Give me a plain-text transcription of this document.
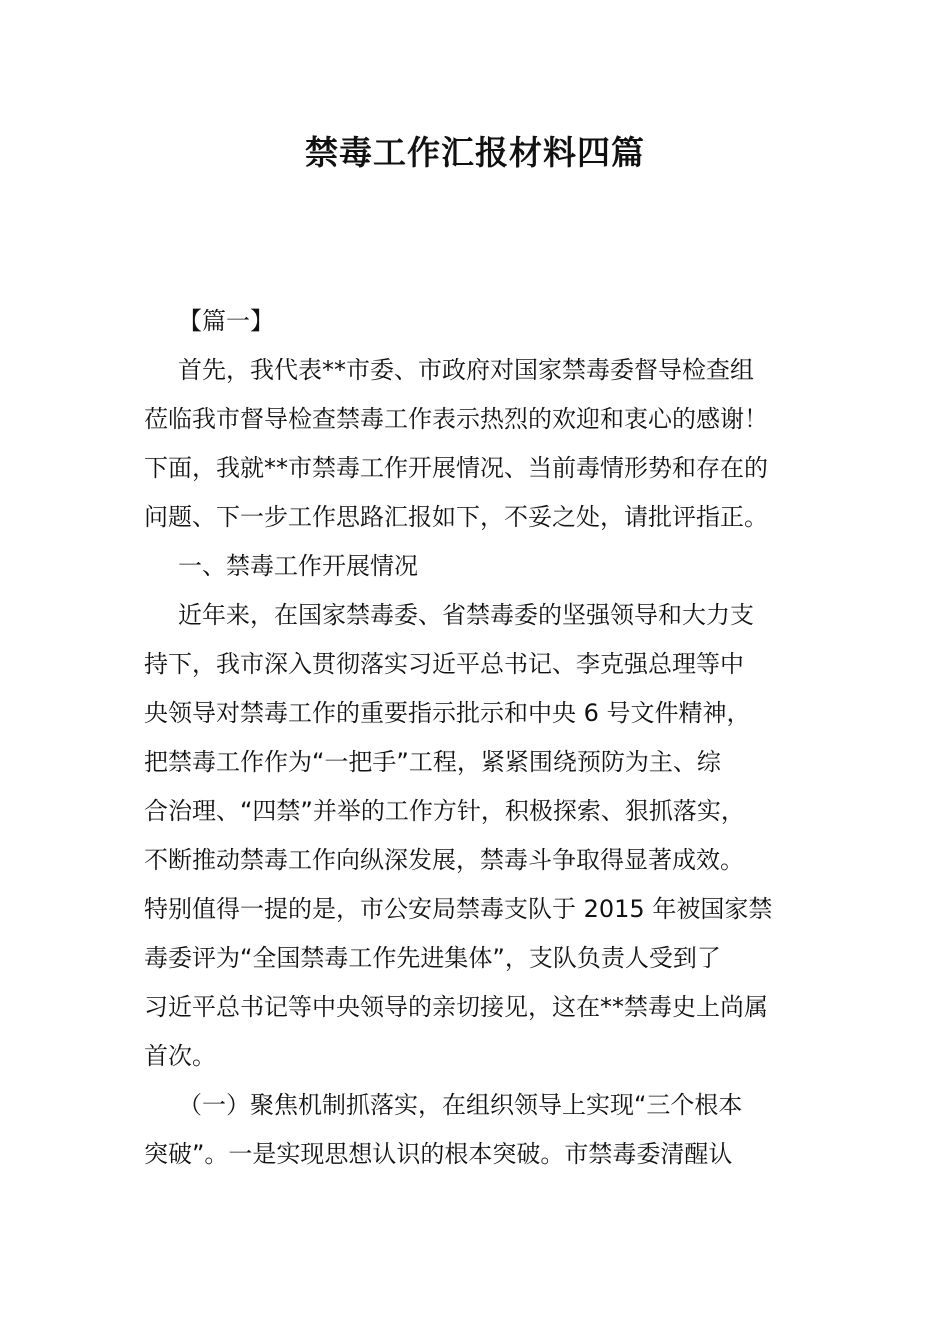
禁毒工作汇报材料四篇
【篇一】
首先，我代表**市委、市政府对国家禁毒委督导检查组
莅临我市督导检查禁毒工作表示热烈的欢迎和衷心的感谢！
下面，我就**市禁毒工作开展情况、当前毒情形势和存在的
问题、下一步工作思路汇报如下，不妥之处，请批评指正。
一、禁毒工作开展情况
近年来，在国家禁毒委、省禁毒委的坚强领导和大力支
持下，我市深入贯彻落实习近平总书记、李克强总理等中
央领导对禁毒工作的重要指示批示和中央 6 号文件精神，
把禁毒工作作为“一把手”工程，紧紧围绕预防为主、综
合治理、“四禁”并举的工作方针，积极探索、狠抓落实，
不断推动禁毒工作向纵深发展，禁毒斗争取得显著成效。
特别值得一提的是，市公安局禁毒支队于 2015 年被国家禁
毒委评为“全国禁毒工作先进集体”，支队负责人受到了
习近平总书记等中央领导的亲切接见，这在**禁毒史上尚属
首次。
（一）聚焦机制抓落实，在组织领导上实现“三个根本
突破”。一是实现思想认识的根本突破。市禁毒委清醒认
